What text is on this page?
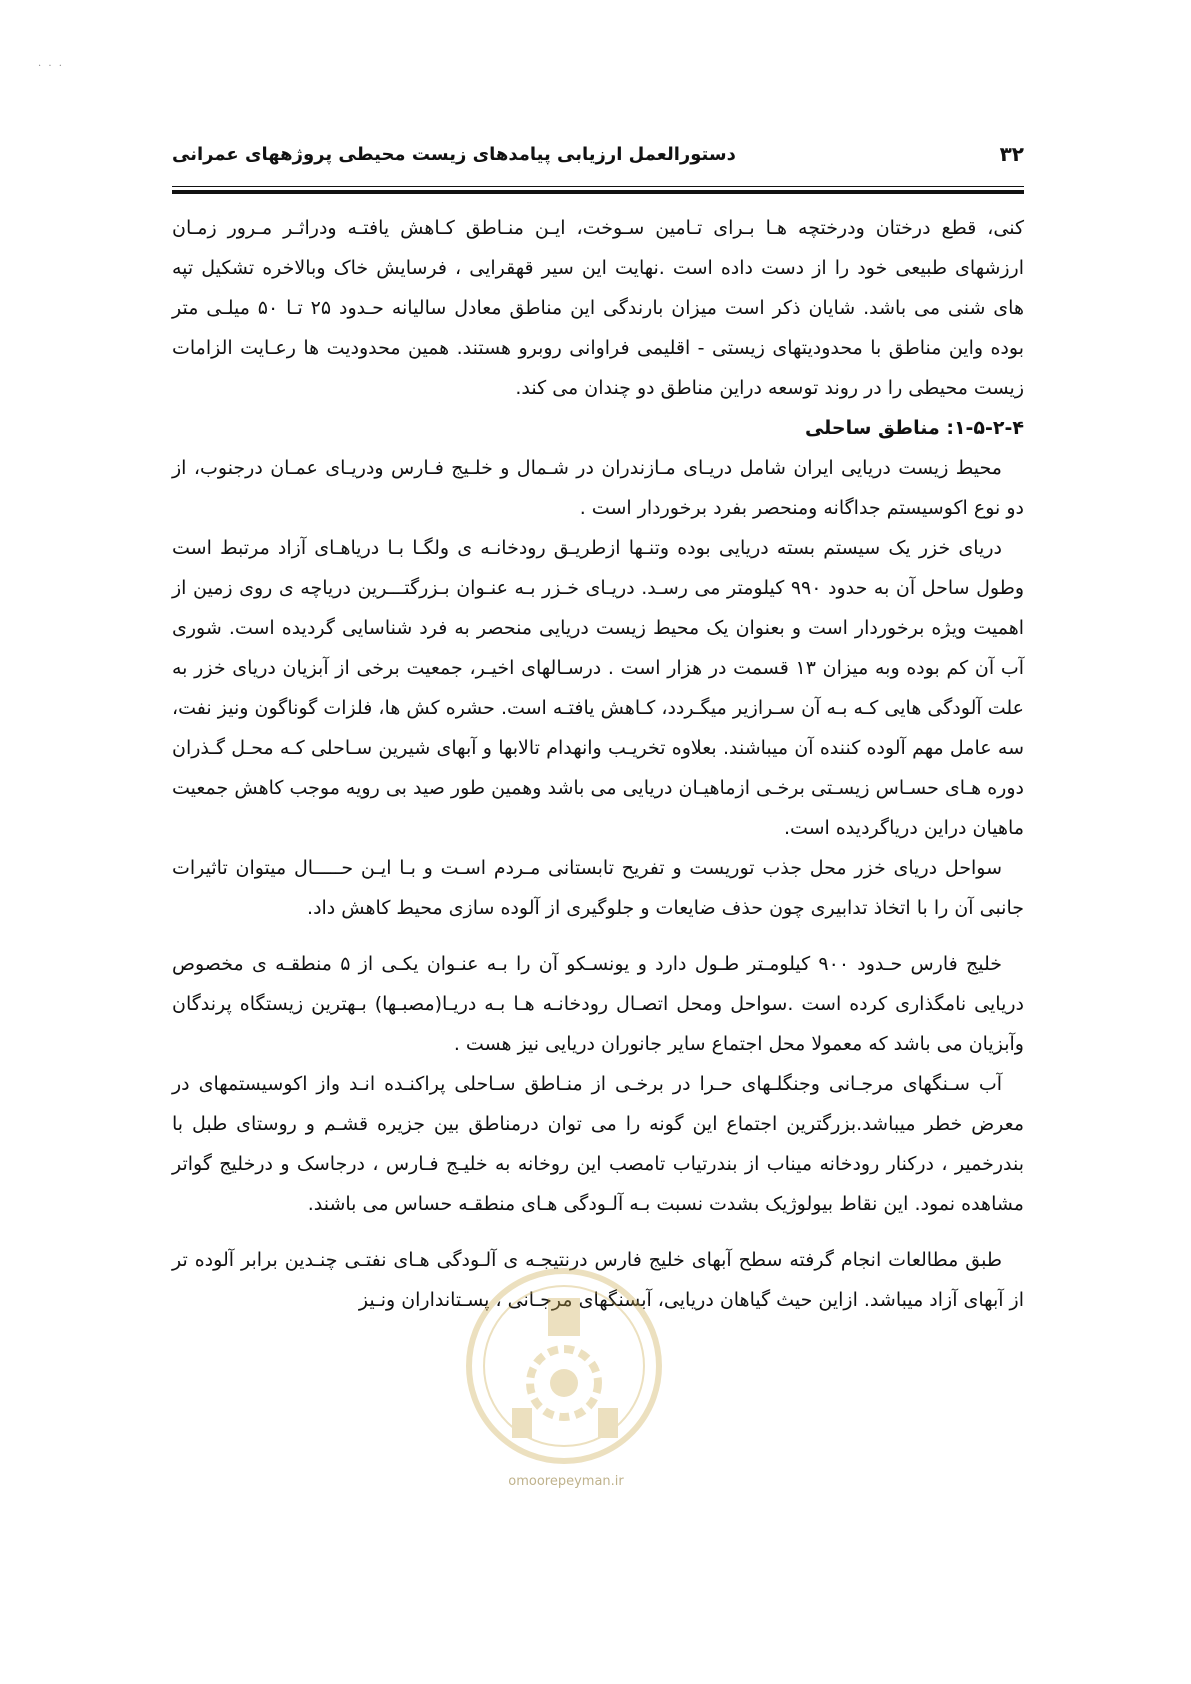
. . .
۳۲
دستورالعمل ارزیابی پیامدهای زیست محیطی پروژههای عمرانی

کنی، قطع درختان ودرختچه هـا بـرای تـامین سـوخت، ایـن منـاطق کـاهش یافتـه ودراثـر مـرور زمـان ارزشهای طبیعی خود را از دست داده است .نهایت این سیر قهقرایی ، فرسایش خاک وبالاخره تشکیل تپه های شنی می باشد. شایان ذکر است میزان بارندگی این مناطق معادل سالیانه حـدود ۲۵ تـا ۵۰ میلـی متر بوده واین مناطق با محدودیتهای زیستی - اقلیمی فراوانی روبرو هستند. همین محدودیت ها رعـایت الزامات زیست محیطی را در روند توسعه دراین مناطق دو چندان می کند.

۱-۵-۲-۴: مناطق ساحلی

محیط زیست دریایی ایران شامل دریـای مـازندران در شـمال و خلـیج فـارس ودریـای عمـان درجنوب، از دو نوع اکوسیستم جداگانه ومنحصر بفرد برخوردار است .

دریای خزر یک سیستم بسته دریایی بوده وتنـها ازطریـق رودخانـه ی ولگـا بـا دریاهـای آزاد مرتبط است وطول ساحل آن به حدود ۹۹۰ کیلومتر می رسـد. دریـای خـزر بـه عنـوان بـزرگتـــرین دریاچه ی روی زمین از اهمیت ویژه برخوردار است و بعنوان یک محیط زیست دریایی منحصر به فرد شناسایی گردیده است. شوری آب آن کم بوده وبه میزان ۱۳ قسمت در هزار است . درسـالهای اخیـر، جمعیت برخی از آبزیان دریای خزر به علت آلودگی هایی کـه بـه آن سـرازیر میگـردد، کـاهش یافتـه است. حشره کش ها، فلزات گوناگون ونیز نفت، سه عامل مهم آلوده کننده آن میباشند. بعلاوه تخریـب وانهدام تالابها و آبهای شیرین سـاحلی کـه محـل گـذران دوره هـای حسـاس زیسـتی برخـی ازماهیـان دریایی می باشد وهمین طور صید بی رویه موجب کاهش جمعیت ماهیان دراین دریاگردیده است.

سواحل دریای خزر محل جذب توریست و تفریح تابستانی مـردم اسـت و بـا ایـن حـــــال میتوان تاثیرات جانبی آن را با اتخاذ تدابیری چون حذف ضایعات و جلوگیری از آلوده سازی محیط کاهش داد.

خلیج فارس حـدود ۹۰۰ کیلومـتر طـول دارد و یونسـکو آن را بـه عنـوان یکـی از ۵ منطقـه ی مخصوص دریایی نامگذاری کرده است .سواحل ومحل اتصـال رودخانـه هـا بـه دریـا(مصبـها) بـهترین زیستگاه پرندگان وآبزیان می باشد که معمولا محل اجتماع سایر جانوران دریایی نیز هست .

آب سـنگهای مرجـانی وجنگلـهای حـرا در برخـی از منـاطق سـاحلی پراکنـده انـد واز اکوسیستمهای در معرض خطر میباشد.بزرگترین اجتماع این گونه را می توان درمناطق بین جزیره قشـم و روستای طبل با بندرخمیر ، درکنار رودخانه میناب از بندرتیاب تامصب این روخانه به خلیـج فـارس ، درجاسک و درخلیج گواتر مشاهده نمود. این نقاط بیولوژیک بشدت نسبت بـه آلـودگی هـای منطقـه حساس می باشند.

طبق مطالعات انجام گرفته سطح آبهای خلیج فارس درنتیجـه ی آلـودگی هـای نفتـی چنـدین برابر آلوده تر از آبهای آزاد میباشد. ازاین حیث گیاهان دریایی، آبسنگهای مرجـانی ، پسـتانداران ونـیز

omoorepeyman.ir
